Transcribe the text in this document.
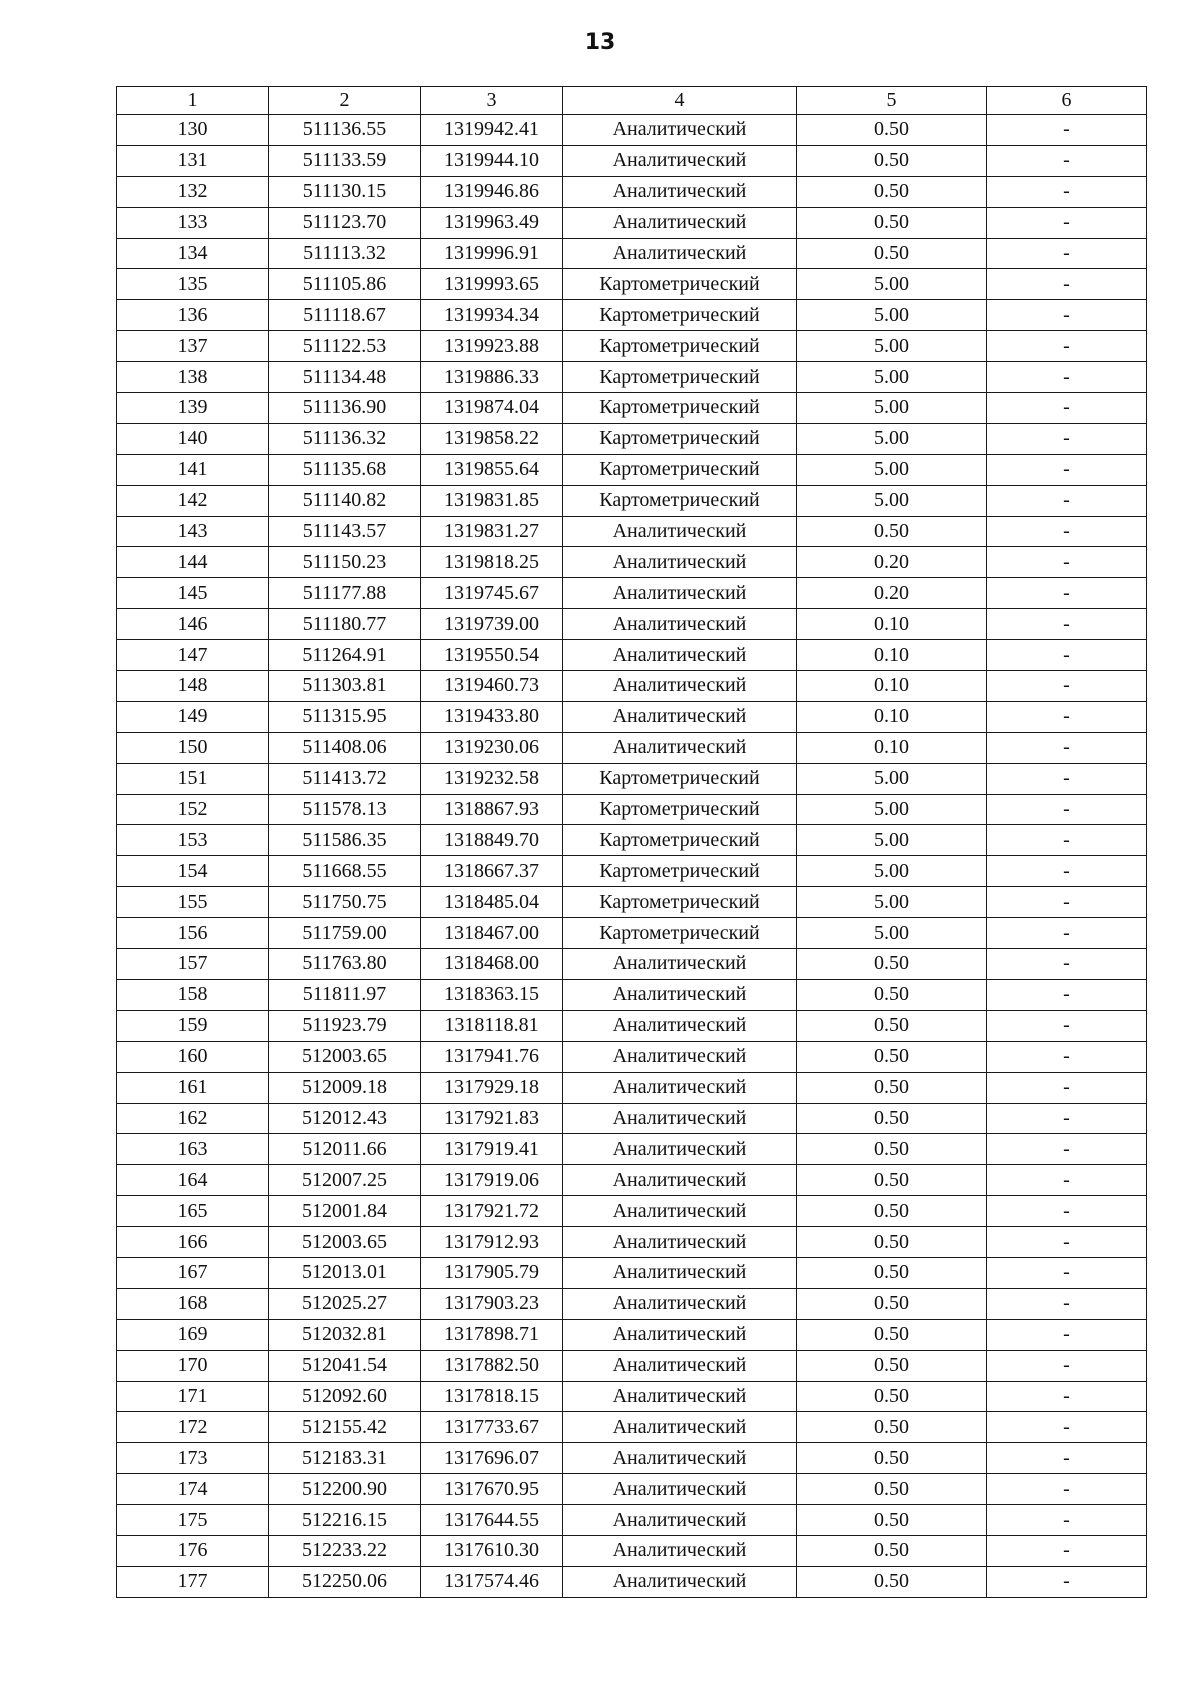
13
1	2	3	4	5	6
130	511136.55	1319942.41	Аналитический	0.50	-
131	511133.59	1319944.10	Аналитический	0.50	-
132	511130.15	1319946.86	Аналитический	0.50	-
133	511123.70	1319963.49	Аналитический	0.50	-
134	511113.32	1319996.91	Аналитический	0.50	-
135	511105.86	1319993.65	Картометрический	5.00	-
136	511118.67	1319934.34	Картометрический	5.00	-
137	511122.53	1319923.88	Картометрический	5.00	-
138	511134.48	1319886.33	Картометрический	5.00	-
139	511136.90	1319874.04	Картометрический	5.00	-
140	511136.32	1319858.22	Картометрический	5.00	-
141	511135.68	1319855.64	Картометрический	5.00	-
142	511140.82	1319831.85	Картометрический	5.00	-
143	511143.57	1319831.27	Аналитический	0.50	-
144	511150.23	1319818.25	Аналитический	0.20	-
145	511177.88	1319745.67	Аналитический	0.20	-
146	511180.77	1319739.00	Аналитический	0.10	-
147	511264.91	1319550.54	Аналитический	0.10	-
148	511303.81	1319460.73	Аналитический	0.10	-
149	511315.95	1319433.80	Аналитический	0.10	-
150	511408.06	1319230.06	Аналитический	0.10	-
151	511413.72	1319232.58	Картометрический	5.00	-
152	511578.13	1318867.93	Картометрический	5.00	-
153	511586.35	1318849.70	Картометрический	5.00	-
154	511668.55	1318667.37	Картометрический	5.00	-
155	511750.75	1318485.04	Картометрический	5.00	-
156	511759.00	1318467.00	Картометрический	5.00	-
157	511763.80	1318468.00	Аналитический	0.50	-
158	511811.97	1318363.15	Аналитический	0.50	-
159	511923.79	1318118.81	Аналитический	0.50	-
160	512003.65	1317941.76	Аналитический	0.50	-
161	512009.18	1317929.18	Аналитический	0.50	-
162	512012.43	1317921.83	Аналитический	0.50	-
163	512011.66	1317919.41	Аналитический	0.50	-
164	512007.25	1317919.06	Аналитический	0.50	-
165	512001.84	1317921.72	Аналитический	0.50	-
166	512003.65	1317912.93	Аналитический	0.50	-
167	512013.01	1317905.79	Аналитический	0.50	-
168	512025.27	1317903.23	Аналитический	0.50	-
169	512032.81	1317898.71	Аналитический	0.50	-
170	512041.54	1317882.50	Аналитический	0.50	-
171	512092.60	1317818.15	Аналитический	0.50	-
172	512155.42	1317733.67	Аналитический	0.50	-
173	512183.31	1317696.07	Аналитический	0.50	-
174	512200.90	1317670.95	Аналитический	0.50	-
175	512216.15	1317644.55	Аналитический	0.50	-
176	512233.22	1317610.30	Аналитический	0.50	-
177	512250.06	1317574.46	Аналитический	0.50	-
